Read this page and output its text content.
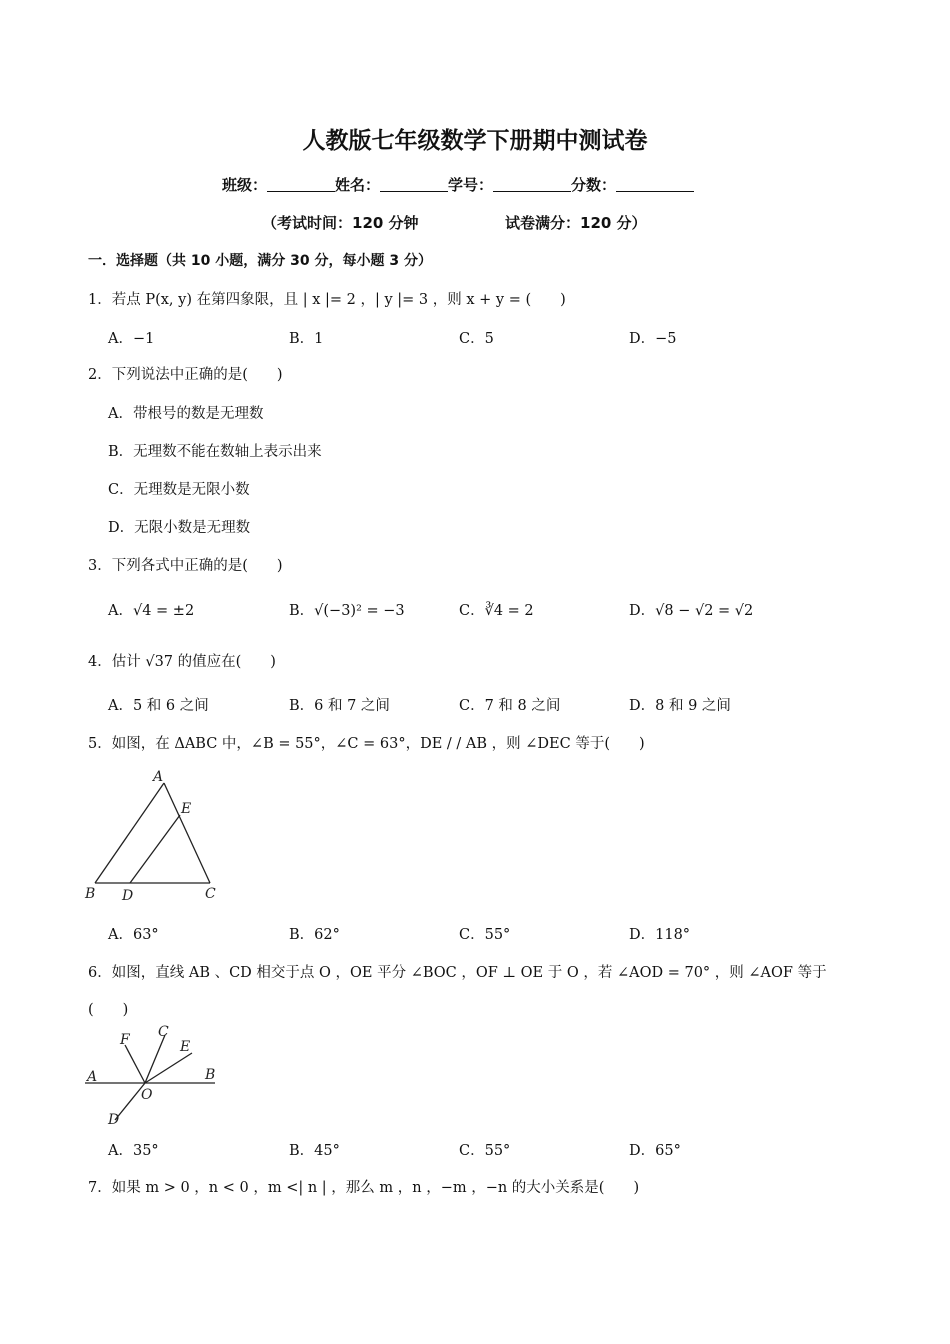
人教版七年级数学下册期中测试卷
班级：	姓名：	学号：	分数：
（考试时间：120 分钟	试卷满分：120 分）
一．选择题（共 10 小题，满分 30 分，每小题 3 分）
1．若点 P(x, y) 在第四象限，且 | x |= 2 ，| y |= 3 ，则 x + y = (　　)
A．−1	B．1	C．5	D．−5
2．下列说法中正确的是(　　)
A．带根号的数是无理数
B．无理数不能在数轴上表示出来
C．无理数是无限小数
D．无限小数是无理数
3．下列各式中正确的是(　　)
A．√4 = ±2	B．√(−3)² = −3	C．∛4 = 2	D．√8 − √2 = √2
4．估计 √37 的值应在(　　)
A．5 和 6 之间	B．6 和 7 之间	C．7 和 8 之间	D．8 和 9 之间
5．如图，在 ΔABC 中，∠B = 55°，∠C = 63°，DE / / AB ，则 ∠DEC 等于(　　)
A
E
B D	C
A．63°	B．62°	C．55°	D．118°
6．如图，直线 AB 、CD 相交于点 O ，OE 平分 ∠BOC ，OF ⊥ OE 于 O ，若 ∠AOD = 70° ，则 ∠AOF 等于
(　　)
F C
E
A
O
B
D
A．35°	B．45°	C．55°	D．65°
7．如果 m > 0 ，n < 0 ，m <| n | ，那么 m ，n ，−m ，−n 的大小关系是(　　)
